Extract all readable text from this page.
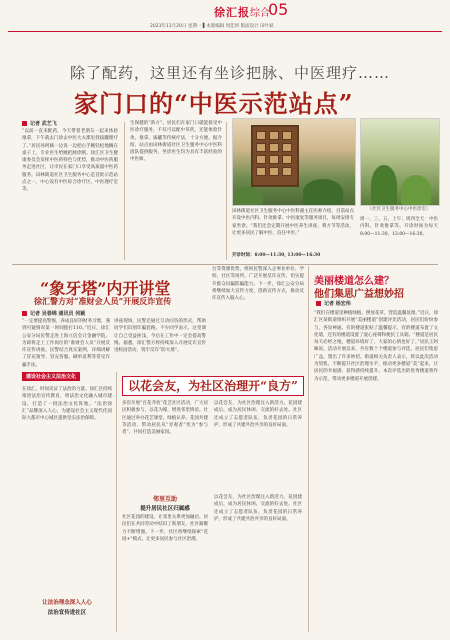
徐汇报 综合
05
2023年11月20日 星期一 ▌本版编辑 周佳珂 版面设计 田叶斌
除了配药，这里还有坐诊把脉、中医理疗……
家门口的“中医示范站点”
记者 武艺飞
“以前一直来配药，今天带着老朋友一起来体验推拿，下午就去门诊去中医大夫那里找拔罐理疗了。”居民孙阿姨一边说一边把右手腕轻松地搁在桌子上，专业医生给她把脉诊断。徐汇区卫生健康委员会发挥中医药特色与优势，推动中医药服务走进社区，让市民在家门口享受高质量中医药服务。田林街道社区卫生服务中心是首批示范站点之一，中心设有中医综合诊疗区、中医理疗室等。
生保健的“新方”。居民们在家门口就能接受中医诊疗服务，不仅可以配中草药，还能体验针灸、推拿、拔罐等传统疗法，十分方便。据介绍，站点由田林街道社区卫生服务中心中医科团队提供服务，坐诊医生均为具有丰富经验的中医师。
（社区卫生服务中心中医诊室）
田林街道社区卫生服务中心中医科副主任医师介绍，目前站点开设中医内科、针灸推拿、中医康复等服务项目，每周安排专家坐诊。“我们还会定期开展中医养生讲座、膏方节等活动，让更多居民了解中医、信任中医。”
开诊时间：8:00—11:30, 13:00—16:30
周一、三、五，上午；周四全天：中医内科、针灸推拿等。开诊时间为每天8:00—11:30，13:00—16:30。
“象牙塔”内开讲堂
徐汇警方对“准财会人员”开展反诈宣传
记者 吴春锦 通讯员 何颖
“一定要提高警惕，养成良好的财务习惯，遇到可疑情况第一时间拨打110。”近日，徐汇公安分局民警走进上海立信会计金融学院，为即将走上工作岗位的“准财会人员”开展反诈宣传讲座。民警结合真实案例，详细讲解了冒充领导、冒充客服、刷单返利等常见诈骗手法。
讲座现场，民警还通过互动问答的形式，帮助同学们识别诈骗套路。不少同学表示，这堂课让自己受益匪浅，今后在工作中一定会提高警惕。据悉，徐汇警方将持续深入开展反诈宣传进校园活动，筑牢反诈“防火墙”。
台等资源优势，组织民警深入企事业单位、学校、社区等场所，广泛开展反诈宣传，切实提升群众识骗防骗能力。下一步，徐汇公安分局将继续加大宣传力度，创新宣传方式，推动反诈宣传入脑入心。
建设社会主义法治文化
在徐汇，时间见证了法治的力量。徐汇区持续推进法治宣传教育，将法治文化融入城市建设，打造了一批法治文化阵地。“法治徐汇”品牌深入人心，为建设社会主义现代化国际大都市中心城区提供坚实法治保障。
让法治理念深入人心
法治宣传进社区
以花会友，为社区治理开“良方”
多次开展“百花齐放”花艺社区活动，广大居民积极参与，以花为媒，增进邻里情谊。社区通过举办花艺课堂、绿植认养、花园共建等活动，带动居民从“旁观者”变为“参与者”，共同打造美丽家园。
以花会友，为社区治理注入新活力。花园建成后，成为居民休闲、交流的好去处。社区还成立了志愿者队伍，负责花园的日常养护，形成了共建共治共享的良好局面。
邻里互助
提升居民社区归属感
社区花园的建设，让邻里关系更加融洽。居民们在共同劳动中结识了新朋友，社区凝聚力不断增强。下一步，社区将继续探索“花园+”模式，让更多居民参与社区治理。
以花会友，为社区治理注入新活力。花园建成后，成为居民休闲、交流的好去处。社区还成立了志愿者队伍，负责花园的日常养护，形成了共建共治共享的良好局面。
美丽楼道怎么建？
他们集思广益想妙招
记者 杨宏伟
“我们在楼道里种植绿植、摆放花草，营造温馨氛围。”近日，徐汇区某街道组织开展“美丽楼道”创建评比活动，居民们纷纷参与，各显神通。有的楼道张贴了温馨提示，有的楼道布置了文化墙，还有的楼道设置了爱心座椅和便民工具箱。“楼道是居民每天必经之地，楼道环境好了，大家的心情也好了。”居民王阿姨说。活动开展以来，共有数十个楼道参与评选，居民们集思广益，想出了许多妙招。街道相关负责人表示，将以此次活动为契机，不断提升社区治理水平，推动更多楼道“美”起来，让居民的幸福感、获得感持续提升。本次评选出的优秀楼道将作为示范，带动更多楼道开展创建。
